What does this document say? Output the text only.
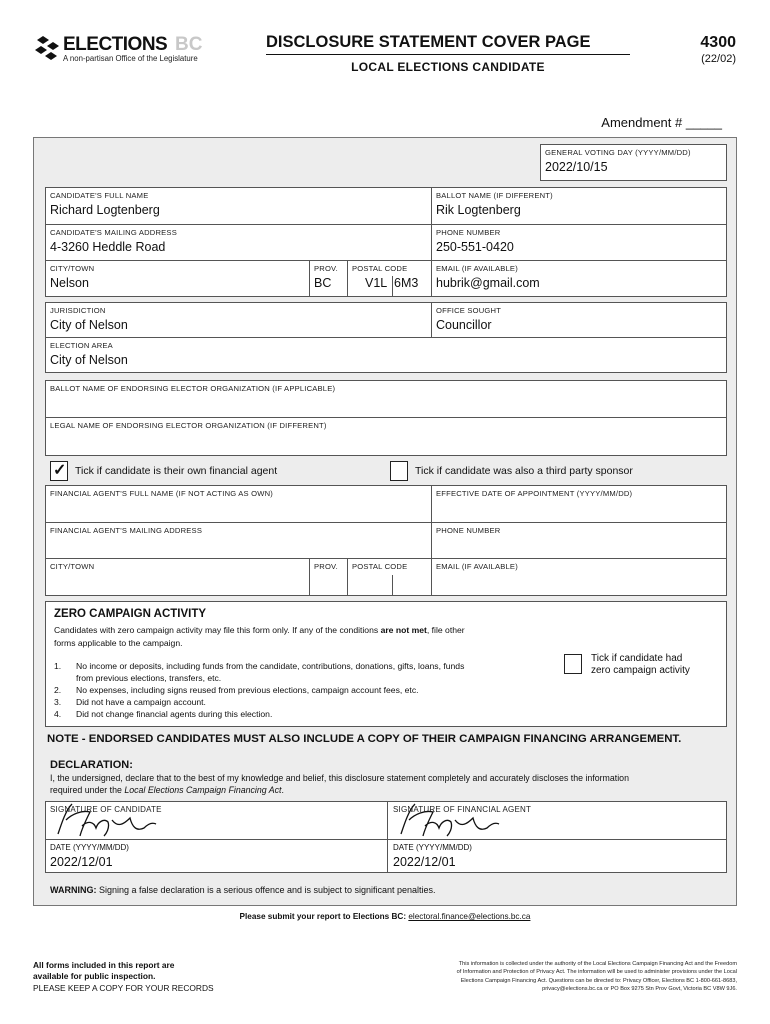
ELECTIONS BC
A non-partisan Office of the Legislature
DISCLOSURE STATEMENT COVER PAGE
LOCAL ELECTIONS CANDIDATE
4300
(22/02)
Amendment # _____
GENERAL VOTING DAY (YYYY/MM/DD)
2022/10/15
CANDIDATE'S FULL NAME
Richard Logtenberg
BALLOT NAME (IF DIFFERENT)
Rik Logtenberg
CANDIDATE'S MAILING ADDRESS
4-3260 Heddle Road
PHONE NUMBER
250-551-0420
CITY/TOWN
Nelson
PROV.
BC
POSTAL CODE
V1L 6M3
EMAIL (IF AVAILABLE)
hubrik@gmail.com
JURISDICTION
City of Nelson
OFFICE SOUGHT
Councillor
ELECTION AREA
City of Nelson
BALLOT NAME OF ENDORSING ELECTOR ORGANIZATION (IF APPLICABLE)
LEGAL NAME OF ENDORSING ELECTOR ORGANIZATION (IF DIFFERENT)
✓ Tick if candidate is their own financial agent	Tick if candidate was also a third party sponsor
FINANCIAL AGENT'S FULL NAME (IF NOT ACTING AS OWN)	EFFECTIVE DATE OF APPOINTMENT (YYYY/MM/DD)
FINANCIAL AGENT'S MAILING ADDRESS	PHONE NUMBER
CITY/TOWN	PROV. POSTAL CODE	EMAIL (IF AVAILABLE)
ZERO CAMPAIGN ACTIVITY
Candidates with zero campaign activity may file this form only. If any of the conditions are not met, file other
forms applicable to the campaign.
1.	No income or deposits, including funds from the candidate, contributions, donations, gifts, loans, funds
from previous elections, transfers, etc.
2.	No expenses, including signs reused from previous elections, campaign account fees, etc.
3.	Did not have a campaign account.
4.	Did not change financial agents during this election.
Tick if candidate had
zero campaign activity
NOTE - ENDORSED CANDIDATES MUST ALSO INCLUDE A COPY OF THEIR CAMPAIGN FINANCING ARRANGEMENT.
DECLARATION:
I, the undersigned, declare that to the best of my knowledge and belief, this disclosure statement completely and accurately discloses the information
required under the Local Elections Campaign Financing Act.
SIGNATURE OF CANDIDATE	SIGNATURE OF FINANCIAL AGENT
DATE (YYYY/MM/DD)
2022/12/01
DATE (YYYY/MM/DD)
2022/12/01
WARNING: Signing a false declaration is a serious offence and is subject to significant penalties.
Please submit your report to Elections BC: electoral.finance@elections.bc.ca
All forms included in this report are
available for public inspection.
PLEASE KEEP A COPY FOR YOUR RECORDS
This information is collected under the authority of the Local Elections Campaign Financing Act and the Freedom
of Information and Protection of Privacy Act. The information will be used to administer provisions under the Local
Elections Campaign Financing Act. Questions can be directed to: Privacy Officer, Elections BC 1-800-661-8683,
privacy@elections.bc.ca or PO Box 9275 Stn Prov Govt, Victoria BC V8W 9J6.
